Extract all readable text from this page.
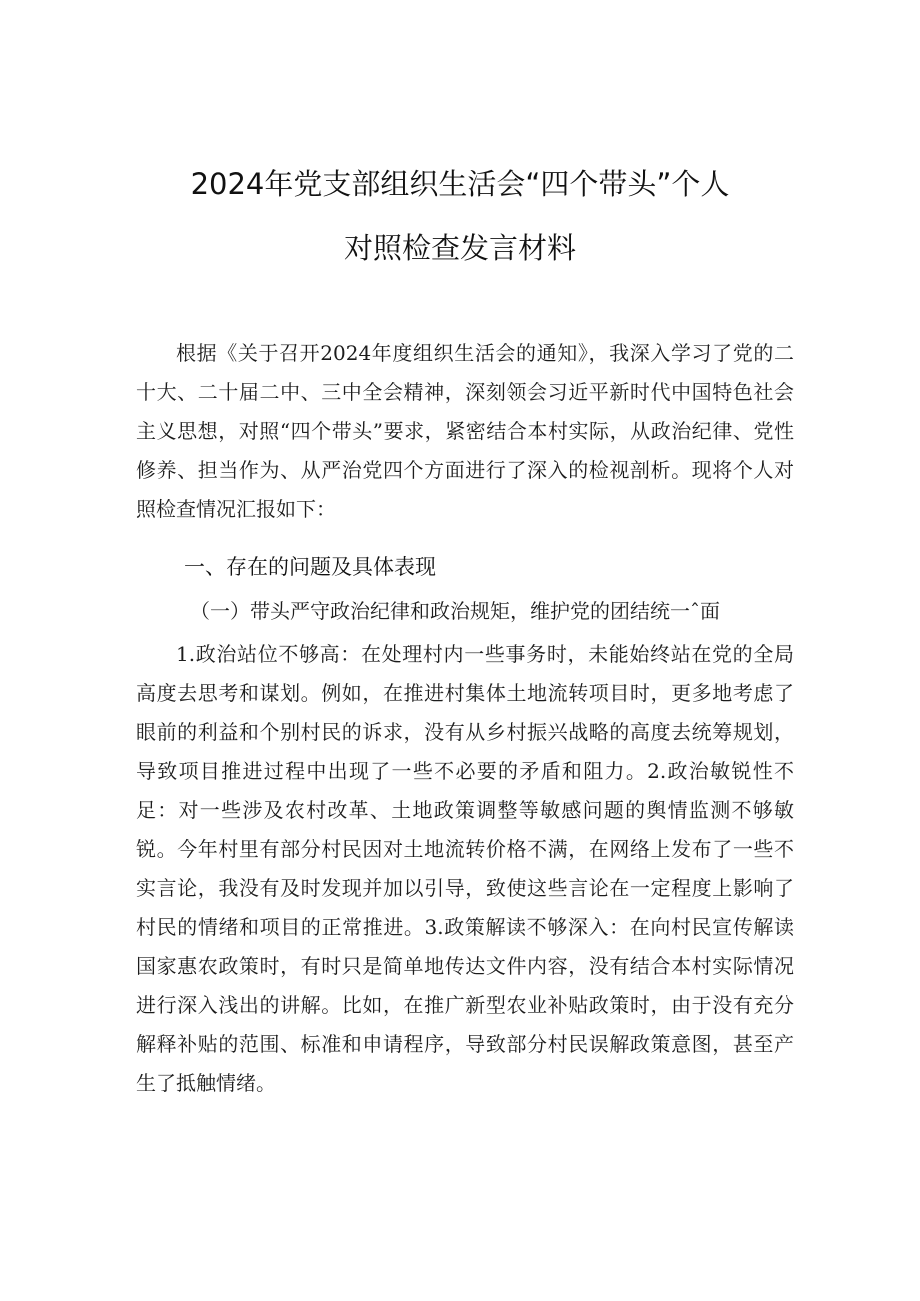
2024年党支部组织生活会“四个带头”个人
对照检查发言材料

根据《关于召开2024年度组织生活会的通知》，我深入学习了党的二十大、二十届二中、三中全会精神，深刻领会习近平新时代中国特色社会主义思想，对照“四个带头”要求，紧密结合本村实际，从政治纪律、党性修养、担当作为、从严治党四个方面进行了深入的检视剖析。现将个人对照检查情况汇报如下：

一、存在的问题及具体表现
（一）带头严守政治纪律和政治规矩，维护党的团结统一ˆ面

1.政治站位不够高：在处理村内一些事务时，未能始终站在党的全局高度去思考和谋划。例如，在推进村集体土地流转项目时，更多地考虑了眼前的利益和个别村民的诉求，没有从乡村振兴战略的高度去统筹规划，导致项目推进过程中出现了一些不必要的矛盾和阻力。2.政治敏锐性不足：对一些涉及农村改革、土地政策调整等敏感问题的舆情监测不够敏锐。今年村里有部分村民因对土地流转价格不满，在网络上发布了一些不实言论，我没有及时发现并加以引导，致使这些言论在一定程度上影响了村民的情绪和项目的正常推进。3.政策解读不够深入：在向村民宣传解读国家惠农政策时，有时只是简单地传达文件内容，没有结合本村实际情况进行深入浅出的讲解。比如，在推广新型农业补贴政策时，由于没有充分解释补贴的范围、标准和申请程序，导致部分村民误解政策意图，甚至产生了抵触情绪。
